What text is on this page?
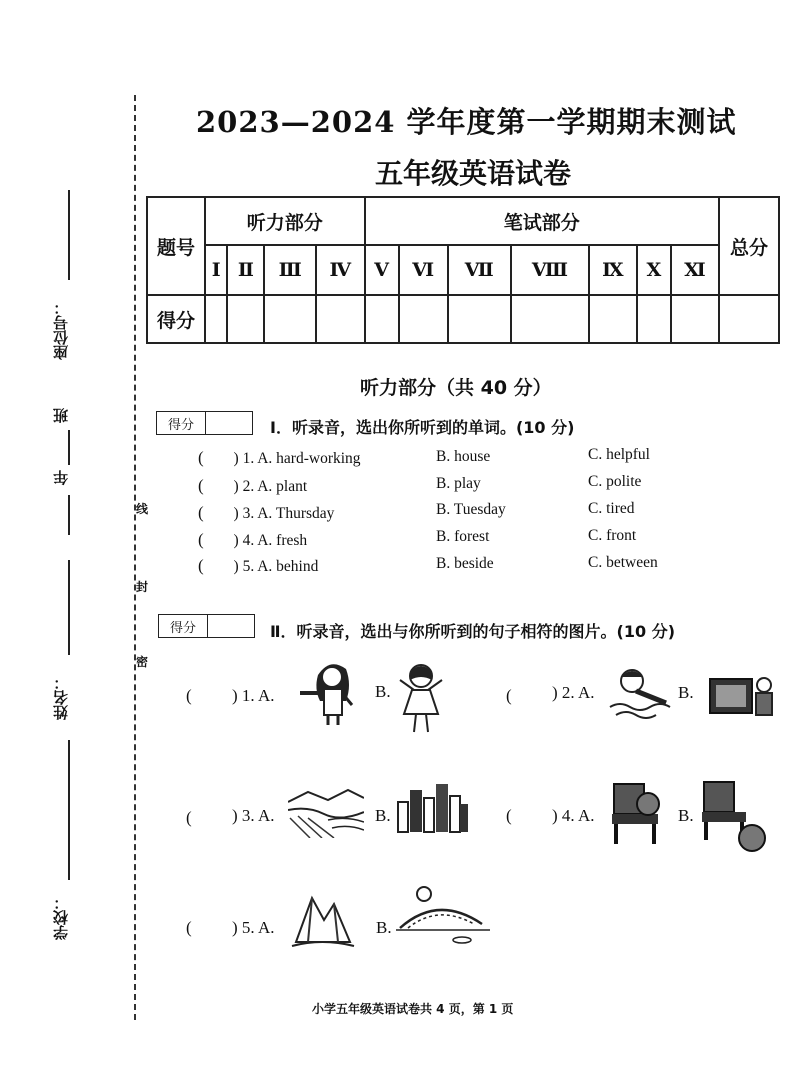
座位号：
班
年
姓名：
学校：
线
封
密
2023—2024 学年度第一学期期末测试
五年级英语试卷
题号	听力部分				笔试部分							总分
	Ⅰ	Ⅱ	Ⅲ	Ⅳ	Ⅴ	Ⅵ	Ⅶ	Ⅷ	Ⅸ	Ⅹ	Ⅺ	
得分												
听力部分（共 40 分）
得分	Ⅰ．听录音，选出你所听到的单词。(10 分)
( ) 1. A. hard-working	B. house	C. helpful
( ) 2. A. plant	B. play	C. polite
( ) 3. A. Thursday	B. Tuesday	C. tired
( ) 4. A. fresh	B. forest	C. front
( ) 5. A. behind	B. beside	C. between
得分	Ⅱ．听录音，选出与你所听到的句子相符的图片。(10 分)
( ) 1. A.	B.	( ) 2. A.	B.
( ) 3. A.	B.	( ) 4. A.	B.
( ) 5. A.	B.
小学五年级英语试卷共 4 页，第 1 页
